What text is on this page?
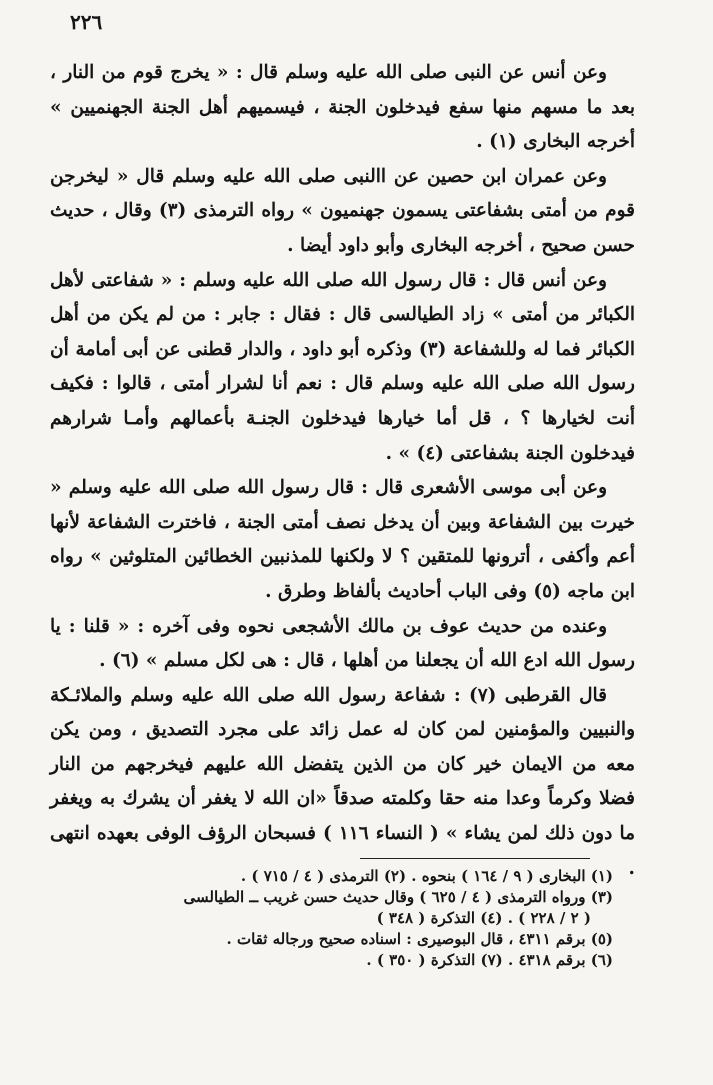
٢٢٦

وعن أنس عن النبى صلى الله عليه وسلم قال : « يخرج قوم من النار ، بعد ما مسهم منها سفع فيدخلون الجنة ، فيسميهم أهل الجنة الجهنميين » أخرجه البخارى (١) .

وعن عمران ابن حصين عن االنبى صلى الله عليه وسلم قال « ليخرجن قوم من أمتى بشفاعتى يسمون جهنميون » رواه الترمذى (٣) وقال ، حديث حسن صحيح ، أخرجه البخارى وأبو داود أيضا .

وعن أنس قال : قال رسول الله صلى الله عليه وسلم : « شفاعتى لأهل الكبائر من أمتى » زاد الطيالسى قال : فقال : جابر : من لم يكن من أهل الكبائر فما له وللشفاعة (٣) وذكره أبو داود ، والدار قطنى عن أبى أمامة أن رسول الله صلى الله عليه وسلم قال : نعم أنا لشرار أمتى ، قالوا : فكيف أنت لخيارها ؟ ، قل أما خيارها فيدخلون الجنـة بأعمالهم وأمـا شرارهم فيدخلون الجنة بشفاعتى (٤) » .

وعن أبى موسى الأشعرى قال : قال رسول الله صلى الله عليه وسلم « خيرت بين الشفاعة وبين أن يدخل نصف أمتى الجنة ، فاخترت الشفاعة لأنها أعم وأكفى ، أترونها للمتقين ؟ لا ولكنها للمذنبين الخطائين المتلوثين » رواه ابن ماجه (٥) وفى الباب أحاديث بألفاظ وطرق .

وعنده من حديث عوف بن مالك الأشجعى نحوه وفى آخره : « قلنا : يا رسول الله ادع الله أن يجعلنا من أهلها ، قال : هى لكل مسلم » (٦) .

قال القرطبى (٧) : شفاعة رسول الله صلى الله عليه وسلم والملائـكة والنبيين والمؤمنين لمن كان له عمل زائد على مجرد التصديق ، ومن يكن معه من الايمان خير كان من الذين يتفضل الله عليهم فيخرجهم من النار فضلا وكرماً وعدا منه حقا وكلمته صدقاً «ان الله لا يغفر أن يشرك به ويغفر ما دون ذلك لمن يشاء » ( النساء ١١٦ ) فسبحان الرؤف الوفى بعهده انتهى .

(١) البخارى ( ٩ / ١٦٤ ) بنحوه . (٢) الترمذى ( ٤ / ٧١٥ ) .

(٣) ورواه الترمذى ( ٤ / ٦٢٥ ) وقال حديث حسن غريب ــ الطيالسى

( ٢ / ٢٢٨ ) . (٤) التذكرة ( ٣٤٨ )

(٥) برقم ٤٣١١ ، قال البوصيرى : اسناده صحيح ورجاله ثقات .

(٦) برقم ٤٣١٨ . (٧) التذكرة ( ٣٥٠ ) .
